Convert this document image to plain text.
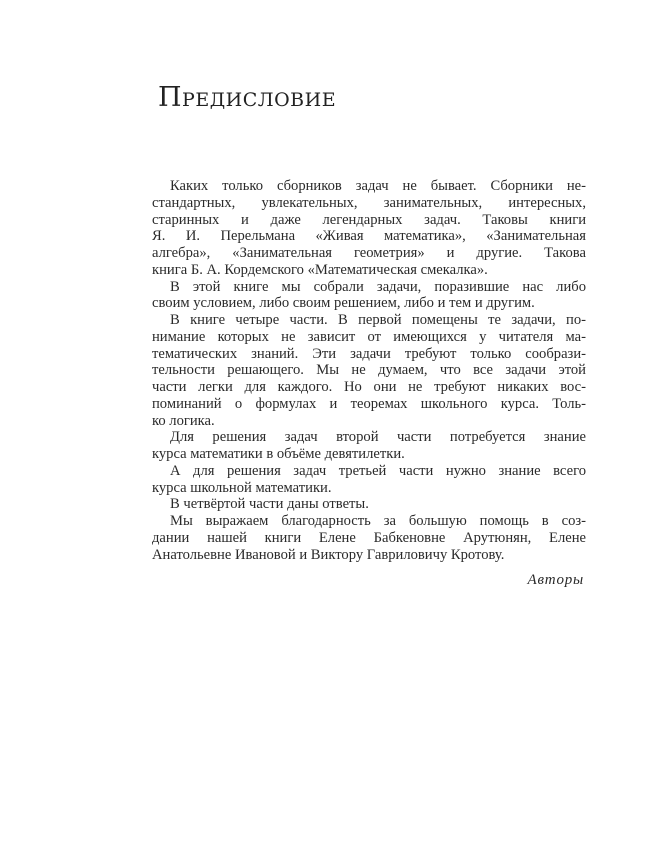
Предисловие
Каких только сборников задач не бывает. Сборники не-
стандартных, увлекательных, занимательных, интересных,
старинных и даже легендарных задач. Таковы книги
Я. И. Перельмана «Живая математика», «Занимательная
алгебра», «Занимательная геометрия» и другие. Такова
книга Б. А. Кордемского «Математическая смекалка».
В этой книге мы собрали задачи, поразившие нас либо
своим условием, либо своим решением, либо и тем и другим.
В книге четыре части. В первой помещены те задачи, по-
нимание которых не зависит от имеющихся у читателя ма-
тематических знаний. Эти задачи требуют только сообрази-
тельности решающего. Мы не думаем, что все задачи этой
части легки для каждого. Но они не требуют никаких вос-
поминаний о формулах и теоремах школьного курса. Толь-
ко логика.
Для решения задач второй части потребуется знание
курса математики в объёме девятилетки.
А для решения задач третьей части нужно знание всего
курса школьной математики.
В четвёртой части даны ответы.
Мы выражаем благодарность за большую помощь в соз-
дании нашей книги Елене Бабкеновне Арутюнян, Елене
Анатольевне Ивановой и Виктору Гавриловичу Кротову.
Авторы
